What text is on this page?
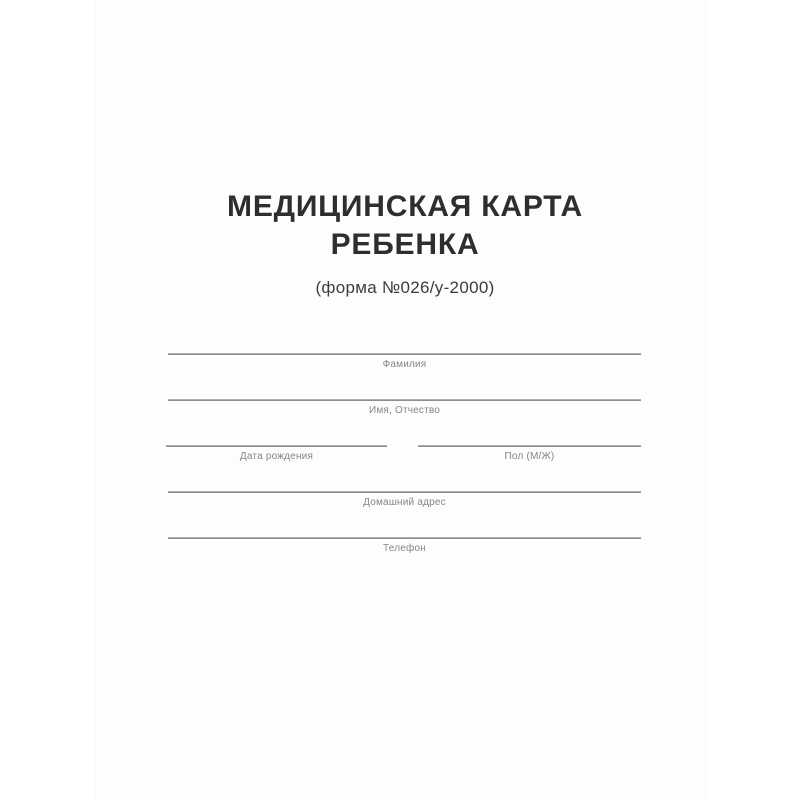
МЕДИЦИНСКАЯ КАРТА
РЕБЕНКА
(форма №026/у-2000)
Фамилия
Имя, Отчество
Дата рождения	Пол (М/Ж)
Домашний адрес
Телефон
